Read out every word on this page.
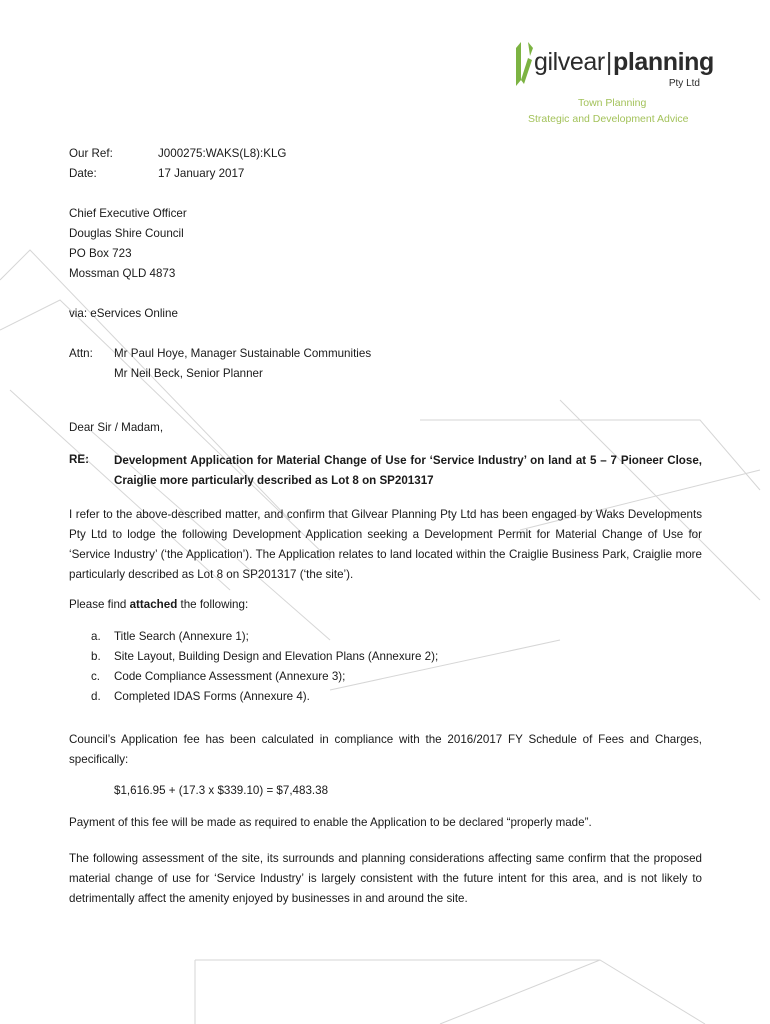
gilvear|planning
Pty Ltd
Town Planning
Strategic and Development Advice
Our Ref:	J000275:WAKS(L8):KLG
Date:	17 January 2017
Chief Executive Officer
Douglas Shire Council
PO Box 723
Mossman QLD 4873
via: eServices Online
Attn: Mr Paul Hoye, Manager Sustainable Communities
Mr Neil Beck, Senior Planner
Dear Sir / Madam,
RE: Development Application for Material Change of Use for ‘Service Industry’ on land at 5 – 7 Pioneer Close, Craiglie more particularly described as Lot 8 on SP201317
I refer to the above-described matter, and confirm that Gilvear Planning Pty Ltd has been engaged by Waks Developments Pty Ltd to lodge the following Development Application seeking a Development Permit for Material Change of Use for ‘Service Industry’ (‘the Application’). The Application relates to land located within the Craiglie Business Park, Craiglie more particularly described as Lot 8 on SP201317 (‘the site’).
Please find attached the following:
a. Title Search (Annexure 1);
b. Site Layout, Building Design and Elevation Plans (Annexure 2);
c. Code Compliance Assessment (Annexure 3);
d. Completed IDAS Forms (Annexure 4).
Council’s Application fee has been calculated in compliance with the 2016/2017 FY Schedule of Fees and Charges, specifically:
$1,616.95 + (17.3 x $339.10) = $7,483.38
Payment of this fee will be made as required to enable the Application to be declared “properly made”.
The following assessment of the site, its surrounds and planning considerations affecting same confirm that the proposed material change of use for ‘Service Industry’ is largely consistent with the future intent for this area, and is not likely to detrimentally affect the amenity enjoyed by businesses in and around the site.
